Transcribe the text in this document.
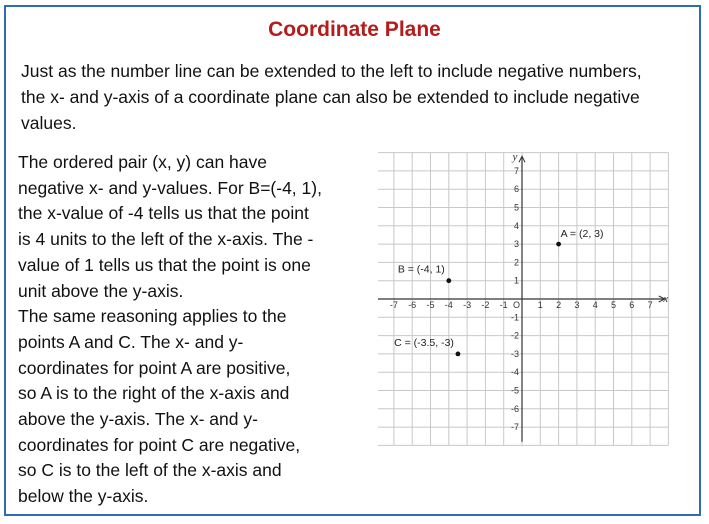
Coordinate Plane

Just as the number line can be extended to the left to include negative numbers, the x- and y-axis of a coordinate plane can also be extended to include negative values.

The ordered pair (x, y) can have
negative x- and y-values. For B=(-4, 1),
the x-value of -4 tells us that the point
is 4 units to the left of the x-axis. The -
value of 1 tells us that the point is one
unit above the y-axis.
The same reasoning applies to the
points A and C. The x- and y-
coordinates for point A are positive,
so A is to the right of the x-axis and
above the y-axis. The x- and y-
coordinates for point C are negative,
so C is to the left of the x-axis and
below the y-axis.

x
y
-7 -6 -5 -4 -3 -2 -1	1 2 3 4 5 6 7
7
6
5
4
3
2
1
-1
-2
-3
-4
-5
-6
-7
O
A = (2, 3)
B = (-4, 1)
C = (-3.5, -3)
